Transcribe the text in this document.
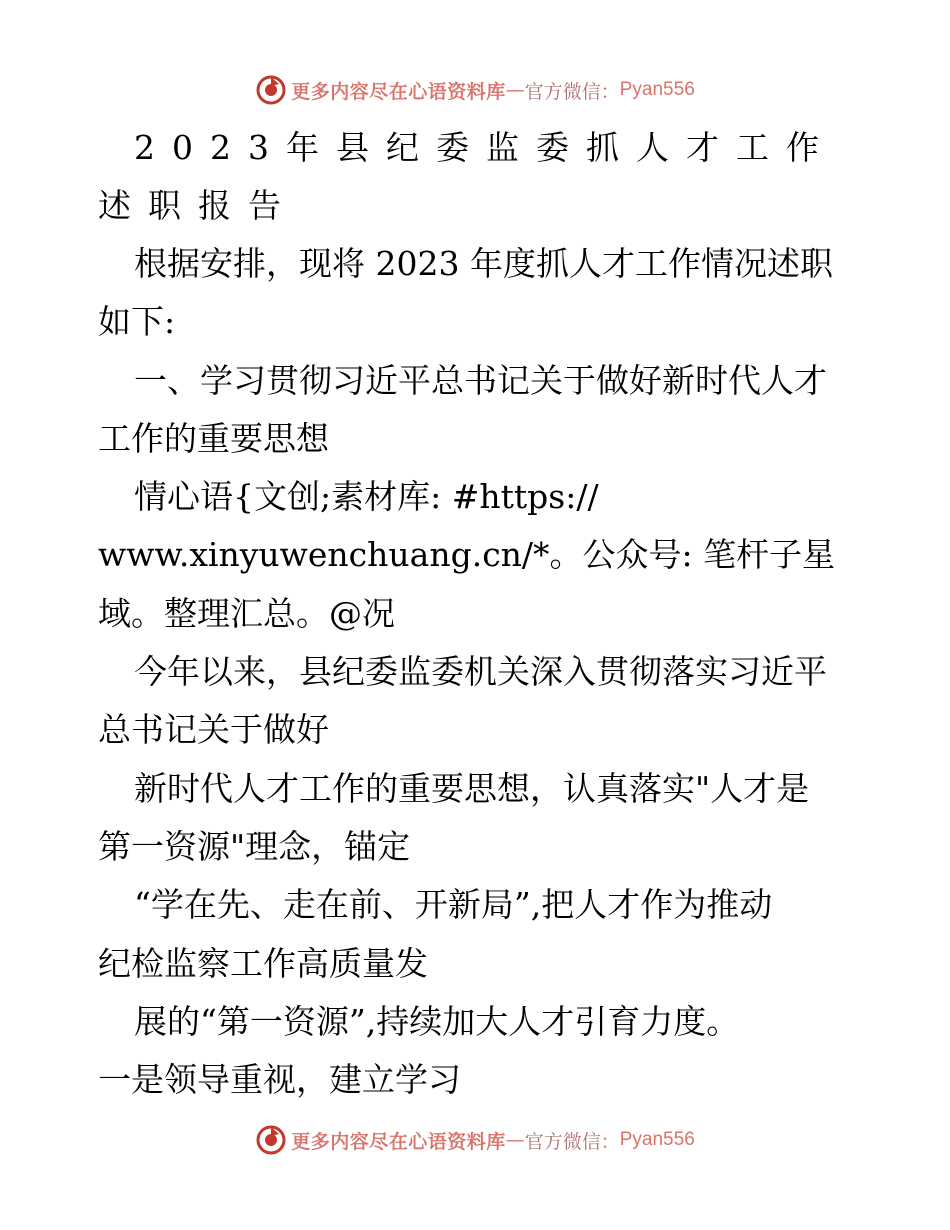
更多内容尽在心语资料库 — 官方微信： Pyan556
2023年县纪委监委抓人才工作
述职报告
根据安排，现将 2023 年度抓人才工作情况述职
如下:
一、学习贯彻习近平总书记关于做好新时代人才
工作的重要思想
情心语{文创;素材库: #https://
www.xinyuwenchuang.cn/*。公众号: 笔杆子星
域。整理汇总。@况
今年以来，县纪委监委机关深入贯彻落实习近平
总书记关于做好
新时代人才工作的重要思想，认真落实"人才是
第一资源"理念，锚定
“学在先、走在前、开新局”,把人才作为推动
纪检监察工作高质量发
展的“第一资源”,持续加大人才引育力度。
一是领导重视，建立学习
更多内容尽在心语资料库 — 官方微信： Pyan556
